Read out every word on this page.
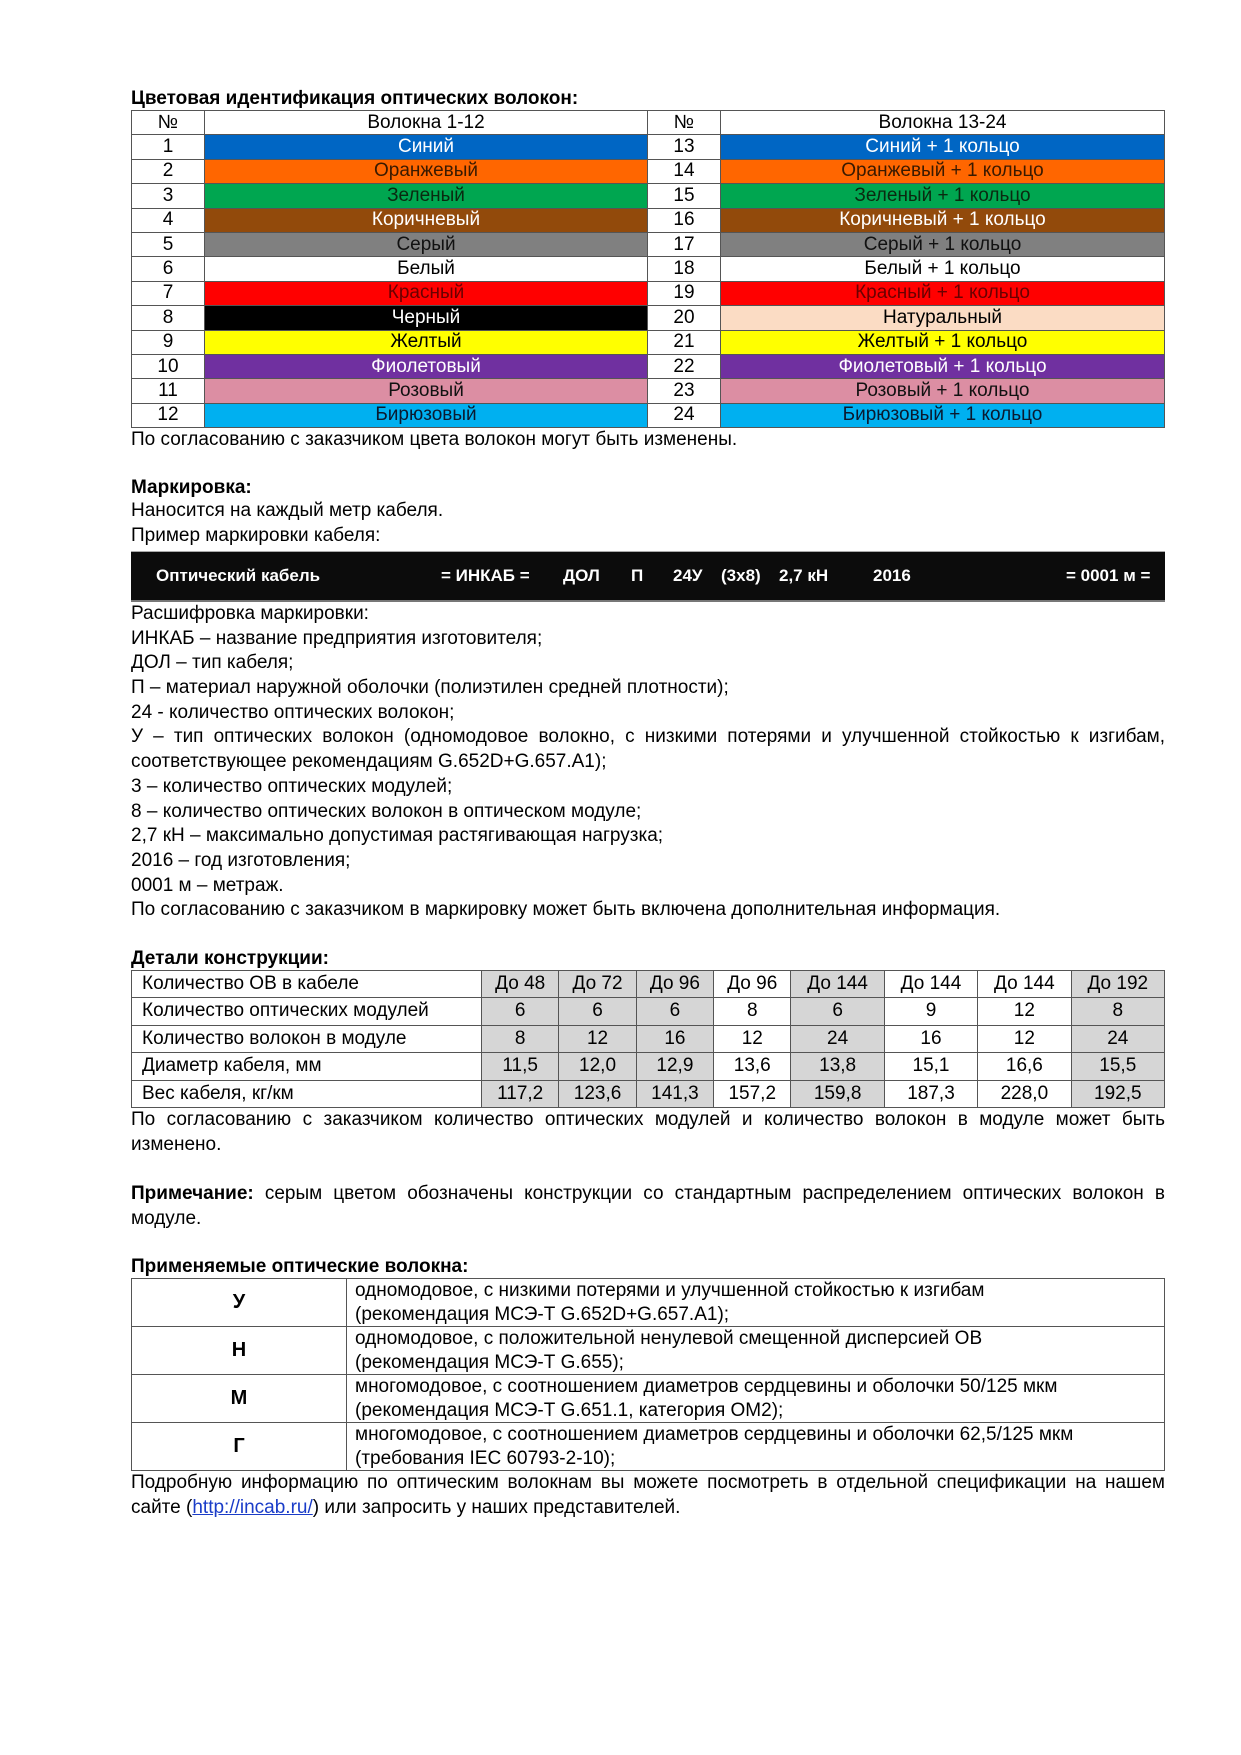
Цветовая идентификация оптических волокон:

№	Волокна 1-12	№	Волокна 13-24
1	Синий	13	Синий + 1 кольцо
2	Оранжевый	14	Оранжевый + 1 кольцо
3	Зеленый	15	Зеленый + 1 кольцо
4	Коричневый	16	Коричневый + 1 кольцо
5	Серый	17	Серый + 1 кольцо
6	Белый	18	Белый + 1 кольцо
7	Красный	19	Красный + 1 кольцо
8	Черный	20	Натуральный
9	Желтый	21	Желтый + 1 кольцо
10	Фиолетовый	22	Фиолетовый + 1 кольцо
11	Розовый	23	Розовый + 1 кольцо
12	Бирюзовый	24	Бирюзовый + 1 кольцо

По согласованию с заказчиком цвета волокон могут быть изменены.

Маркировка:

Наносится на каждый метр кабеля.

Пример маркировки кабеля:

Оптический кабель	= ИНКАБ = ДОЛ П 24У (3x8) 2,7 кН	2016	= 0001 м =

Расшифровка маркировки:

ИНКАБ – название предприятия изготовителя;

ДОЛ – тип кабеля;

П – материал наружной оболочки (полиэтилен средней плотности);

24 - количество оптических волокон;

У – тип оптических волокон (одномодовое волокно, с низкими потерями и улучшенной стойкостью к изгибам, соответствующее рекомендациям G.652D+G.657.A1);

3 – количество оптических модулей;

8 – количество оптических волокон в оптическом модуле;

2,7 кН – максимально допустимая растягивающая нагрузка;

2016 – год изготовления;

0001 м – метраж.

По согласованию с заказчиком в маркировку может быть включена дополнительная информация.

Детали конструкции:

Количество ОВ в кабеле	До 48	До 72	До 96	До 96	До 144	До 144	До 144	До 192
Количество оптических модулей	6	6	6	8	6	9	12	8
Количество волокон в модуле	8	12	16	12	24	16	12	24
Диаметр кабеля, мм	11,5	12,0	12,9	13,6	13,8	15,1	16,6	15,5
Вес кабеля, кг/км	117,2	123,6	141,3	157,2	159,8	187,3	228,0	192,5

По согласованию с заказчиком количество оптических модулей и количество волокон в модуле может быть изменено.

Примечание: серым цветом обозначены конструкции со стандартным распределением оптических волокон в модуле.

Применяемые оптические волокна:

У	одномодовое, с низкими потерями и улучшенной стойкостью к изгибам
(рекомендация МСЭ-Т G.652D+G.657.A1);

Н	одномодовое, с положительной ненулевой смещенной дисперсией ОВ
(рекомендация МСЭ-Т G.655);

М	многомодовое, с соотношением диаметров сердцевины и оболочки 50/125 мкм
(рекомендация МСЭ-Т G.651.1, категория ОМ2);

Г	многомодовое, с соотношением диаметров сердцевины и оболочки 62,5/125 мкм
(требования IEC 60793-2-10);

Подробную информацию по оптическим волокнам вы можете посмотреть в отдельной спецификации на нашем сайте (http://incab.ru/) или запросить у наших представителей.
